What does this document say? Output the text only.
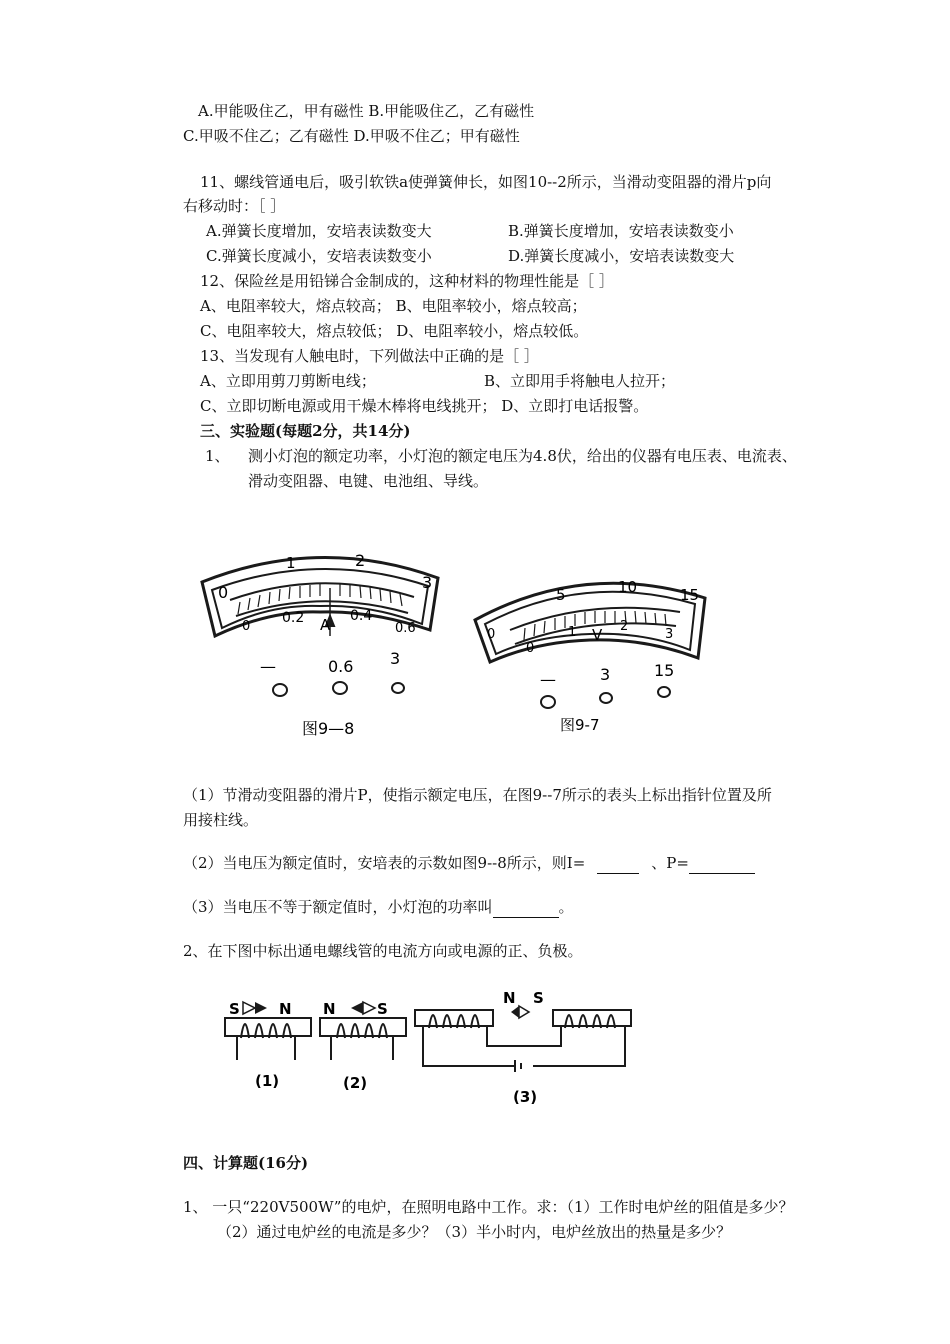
A.甲能吸住乙，甲有磁性 B.甲能吸住乙，乙有磁性
C.甲吸不住乙；乙有磁性 D.甲吸不住乙；甲有磁性
11、螺线管通电后，吸引软铁a使弹簧伸长，如图10--2所示，当滑动变阻器的滑片p向
右移动时：［ ］
A.弹簧长度增加，安培表读数变大	B.弹簧长度增加，安培表读数变小
C.弹簧长度减小，安培表读数变小	D.弹簧长度减小，安培表读数变大
12、保险丝是用铅锑合金制成的，这种材料的物理性能是［ ］
A、电阻率较大，熔点较高； B、电阻率较小，熔点较高；
C、电阻率较大，熔点较低； D、电阻率较小，熔点较低。
13、当发现有人触电时，下列做法中正确的是［ ］
A、立即用剪刀剪断电线；	B、立即用手将触电人拉开；
C、立即切断电源或用干燥木棒将电线挑开； D、立即打电话报警。
三、实验题(每题2分，共14分)
1、 测小灯泡的额定功率，小灯泡的额定电压为4.8伏，给出的仪器有电压表、电流表、
滑动变阻器、电键、电池组、导线。
0
1	2
3
0
0.2	0.4
0.6
A
—	0.6 3
图9—8
0
5	10	15
0
1	2
3
V
—	3	15
图9-7
（1）节滑动变阻器的滑片P，使指示额定电压，在图9--7所示的表头上标出指针位置及所
用接柱线。
（2）当电压为额定值时，安培表的示数如图9--8所示，则I=	、P=
（3）当电压不等于额定值时，小灯泡的功率叫	。
2、在下图中标出通电螺线管的电流方向或电源的正、负极。
S	N N	S
N S
(1)	(2)
(3)
四、计算题(16分)
1、 一只“220V500W”的电炉，在照明电路中工作。求：（1）工作时电炉丝的阻值是多少？
（2）通过电炉丝的电流是多少？（3）半小时内，电炉丝放出的热量是多少？
